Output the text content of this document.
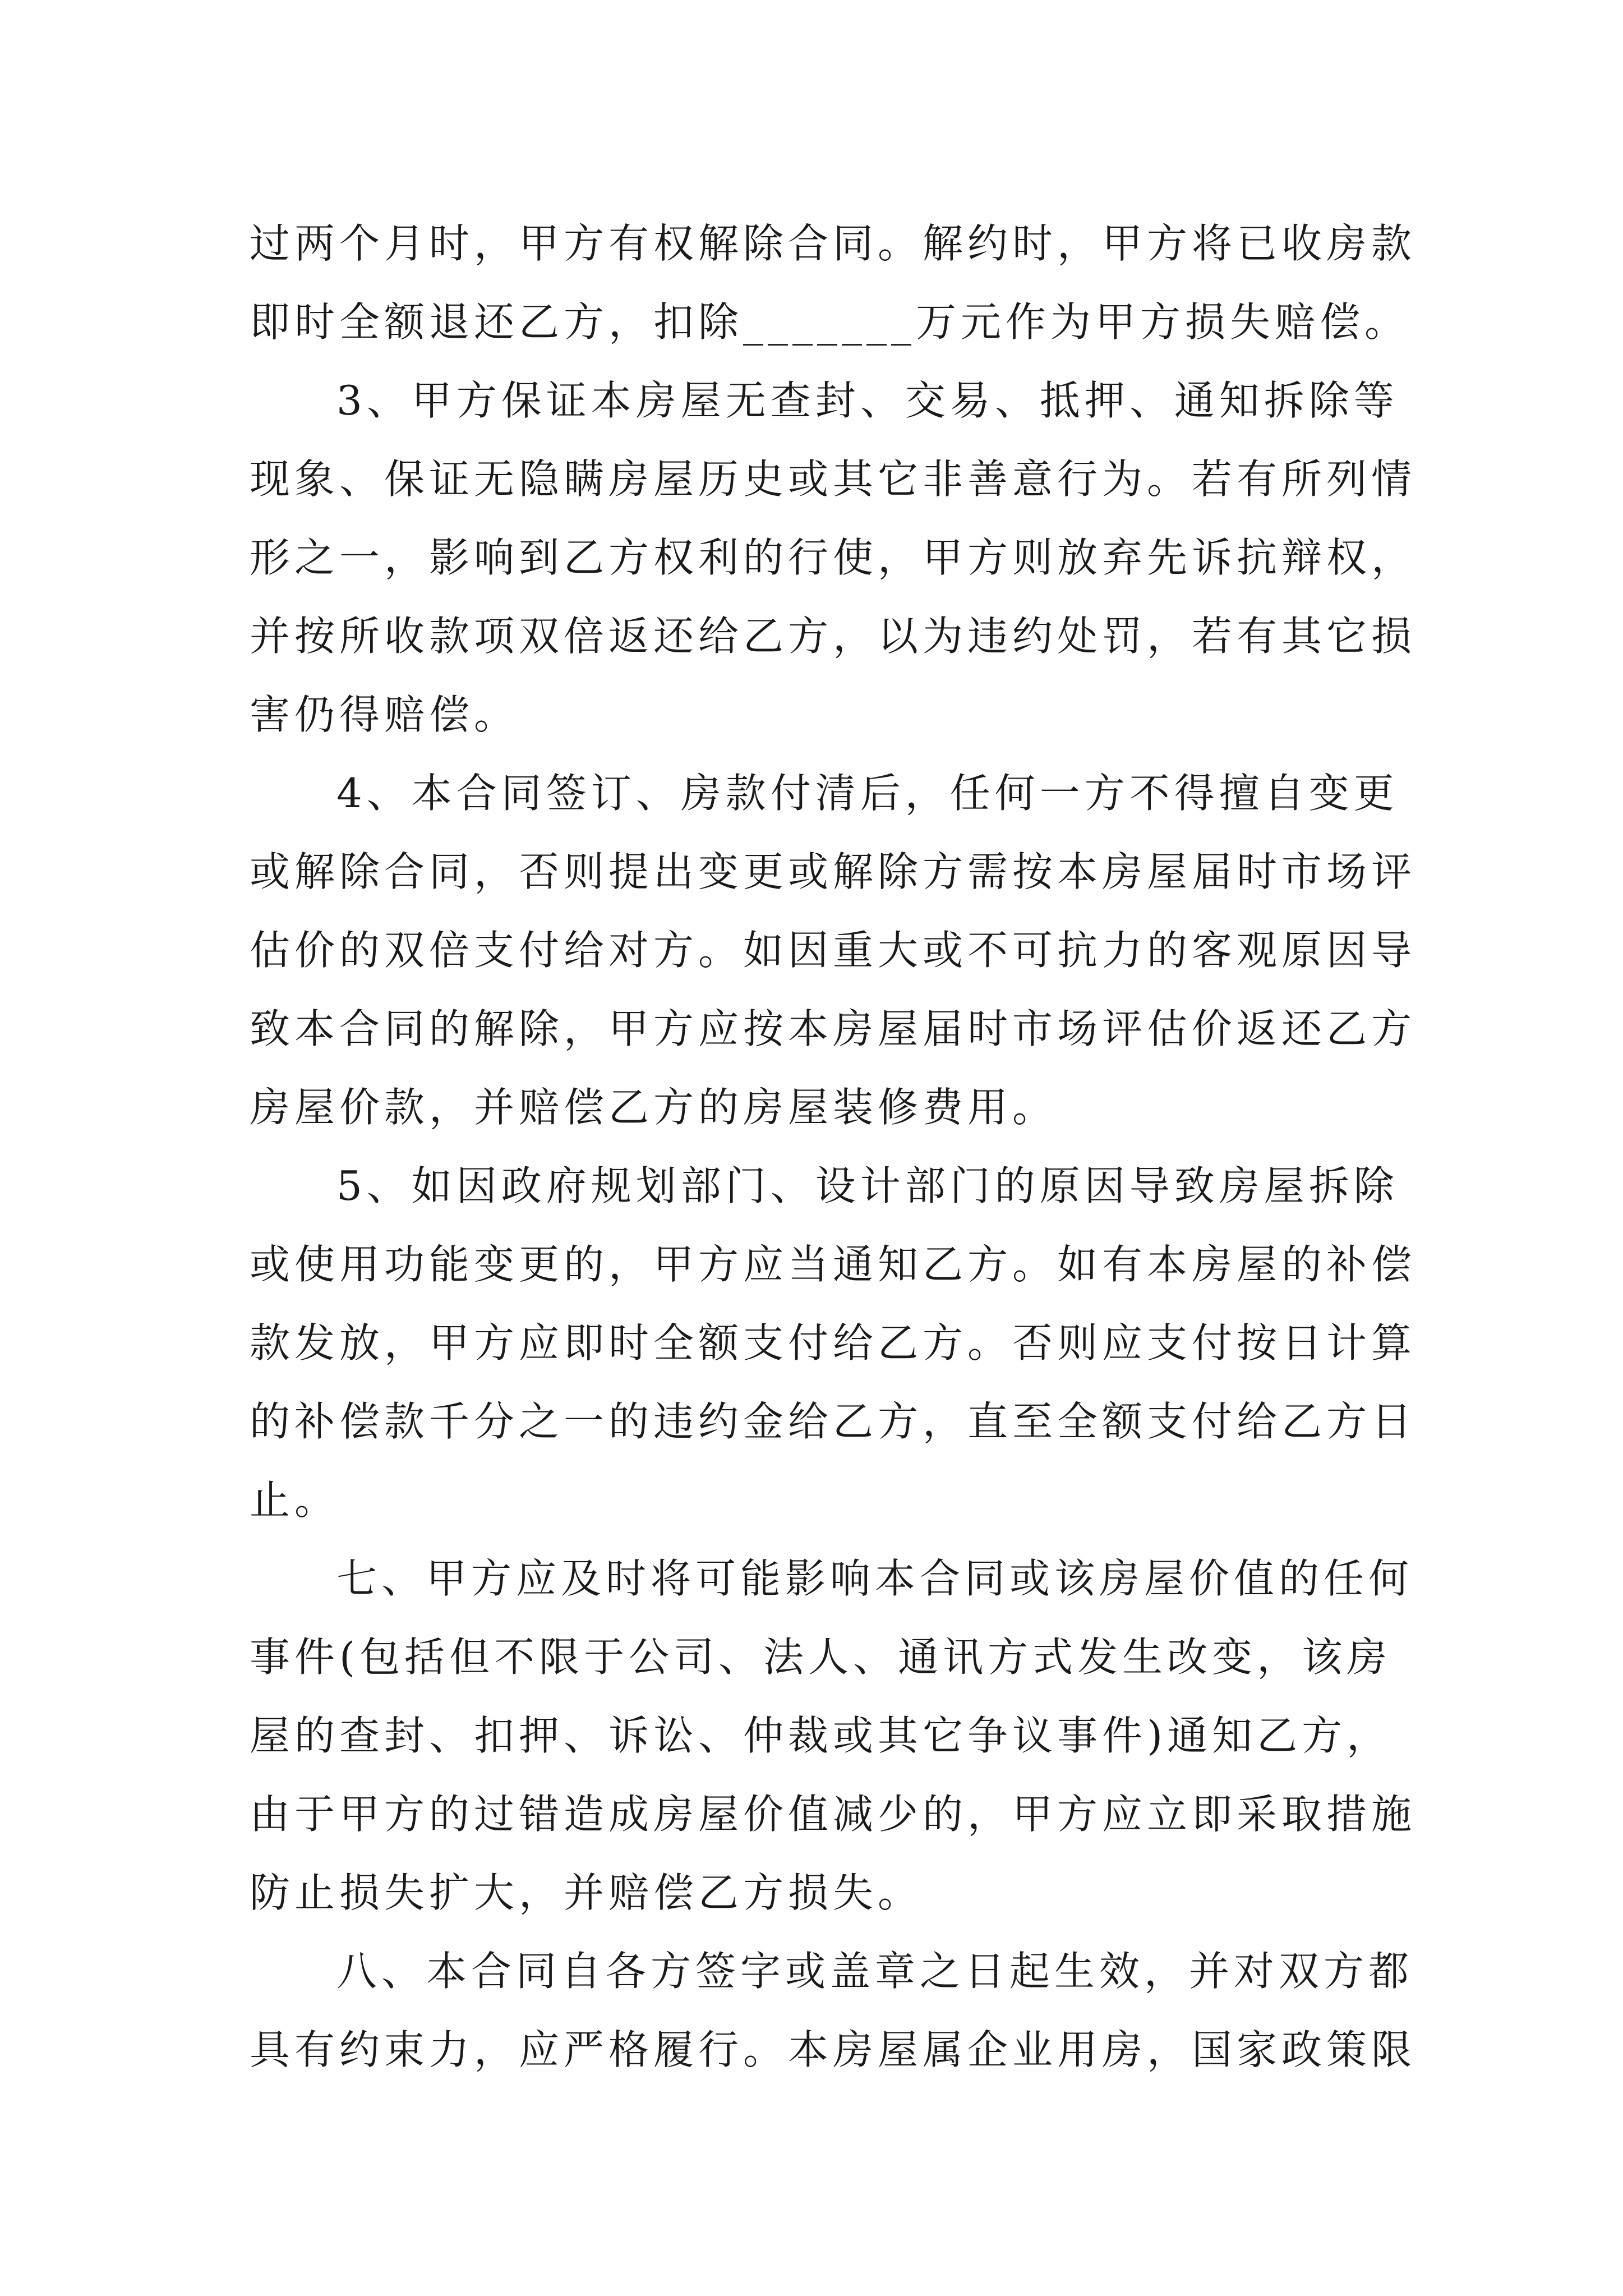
过两个月时，甲方有权解除合同。解约时，甲方将已收房款
即时全额退还乙方，扣除_______万元作为甲方损失赔偿。
3、甲方保证本房屋无查封、交易、抵押、通知拆除等
现象、保证无隐瞒房屋历史或其它非善意行为。若有所列情
形之一，影响到乙方权利的行使，甲方则放弃先诉抗辩权，
并按所收款项双倍返还给乙方，以为违约处罚，若有其它损
害仍得赔偿。
4、本合同签订、房款付清后，任何一方不得擅自变更
或解除合同，否则提出变更或解除方需按本房屋届时市场评
估价的双倍支付给对方。如因重大或不可抗力的客观原因导
致本合同的解除，甲方应按本房屋届时市场评估价返还乙方
房屋价款，并赔偿乙方的房屋装修费用。
5、如因政府规划部门、设计部门的原因导致房屋拆除
或使用功能变更的，甲方应当通知乙方。如有本房屋的补偿
款发放，甲方应即时全额支付给乙方。否则应支付按日计算
的补偿款千分之一的违约金给乙方，直至全额支付给乙方日
止。
七、甲方应及时将可能影响本合同或该房屋价值的任何
事件(包括但不限于公司、法人、通讯方式发生改变，该房
屋的查封、扣押、诉讼、仲裁或其它争议事件)通知乙方，
由于甲方的过错造成房屋价值减少的，甲方应立即采取措施
防止损失扩大，并赔偿乙方损失。
八、本合同自各方签字或盖章之日起生效，并对双方都
具有约束力，应严格履行。本房屋属企业用房，国家政策限
